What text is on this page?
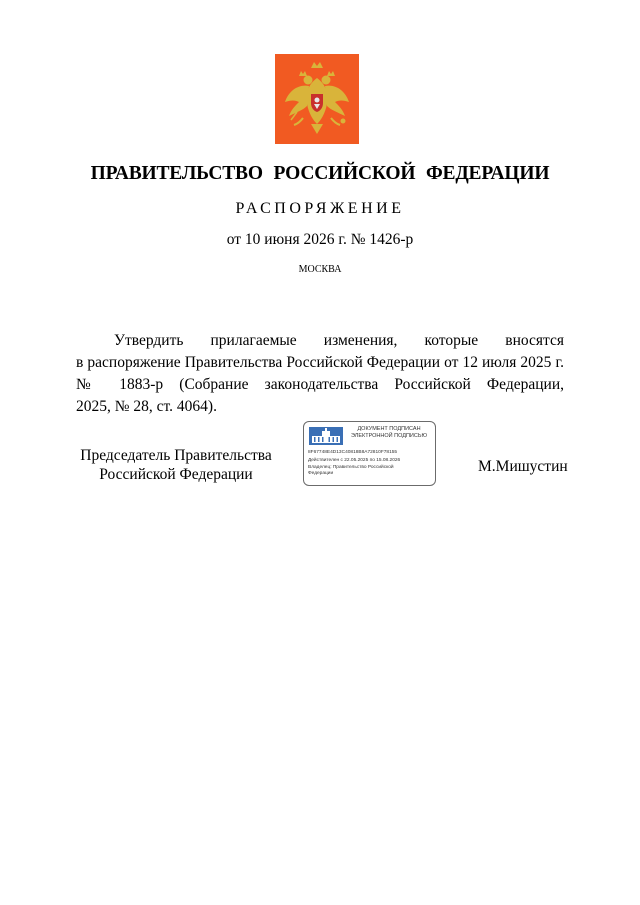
ПРАВИТЕЛЬСТВО РОССИЙСКОЙ ФЕДЕРАЦИИ
РАСПОРЯЖЕНИЕ
от 10 июня 2026 г. № 1426-р
МОСКВА
Утвердить прилагаемые изменения, которые вносятся
в распоряжение Правительства Российской Федерации от 12 июля 2025 г.
№ 1883-р (Собрание законодательства Российской Федерации,
2025, № 28, ст. 4064).
Председатель Правительства
Российской Федерации
ДОКУМЕНТ ПОДПИСАН
ЭЛЕКТРОННОЙ ПОДПИСЬЮ
8F67748E4D13C40818B8A72810F78155
Действителен с 22.05.2025 по 15.08.2026
Владелец: Правительство Российской
Федерации	М.Мишустин
